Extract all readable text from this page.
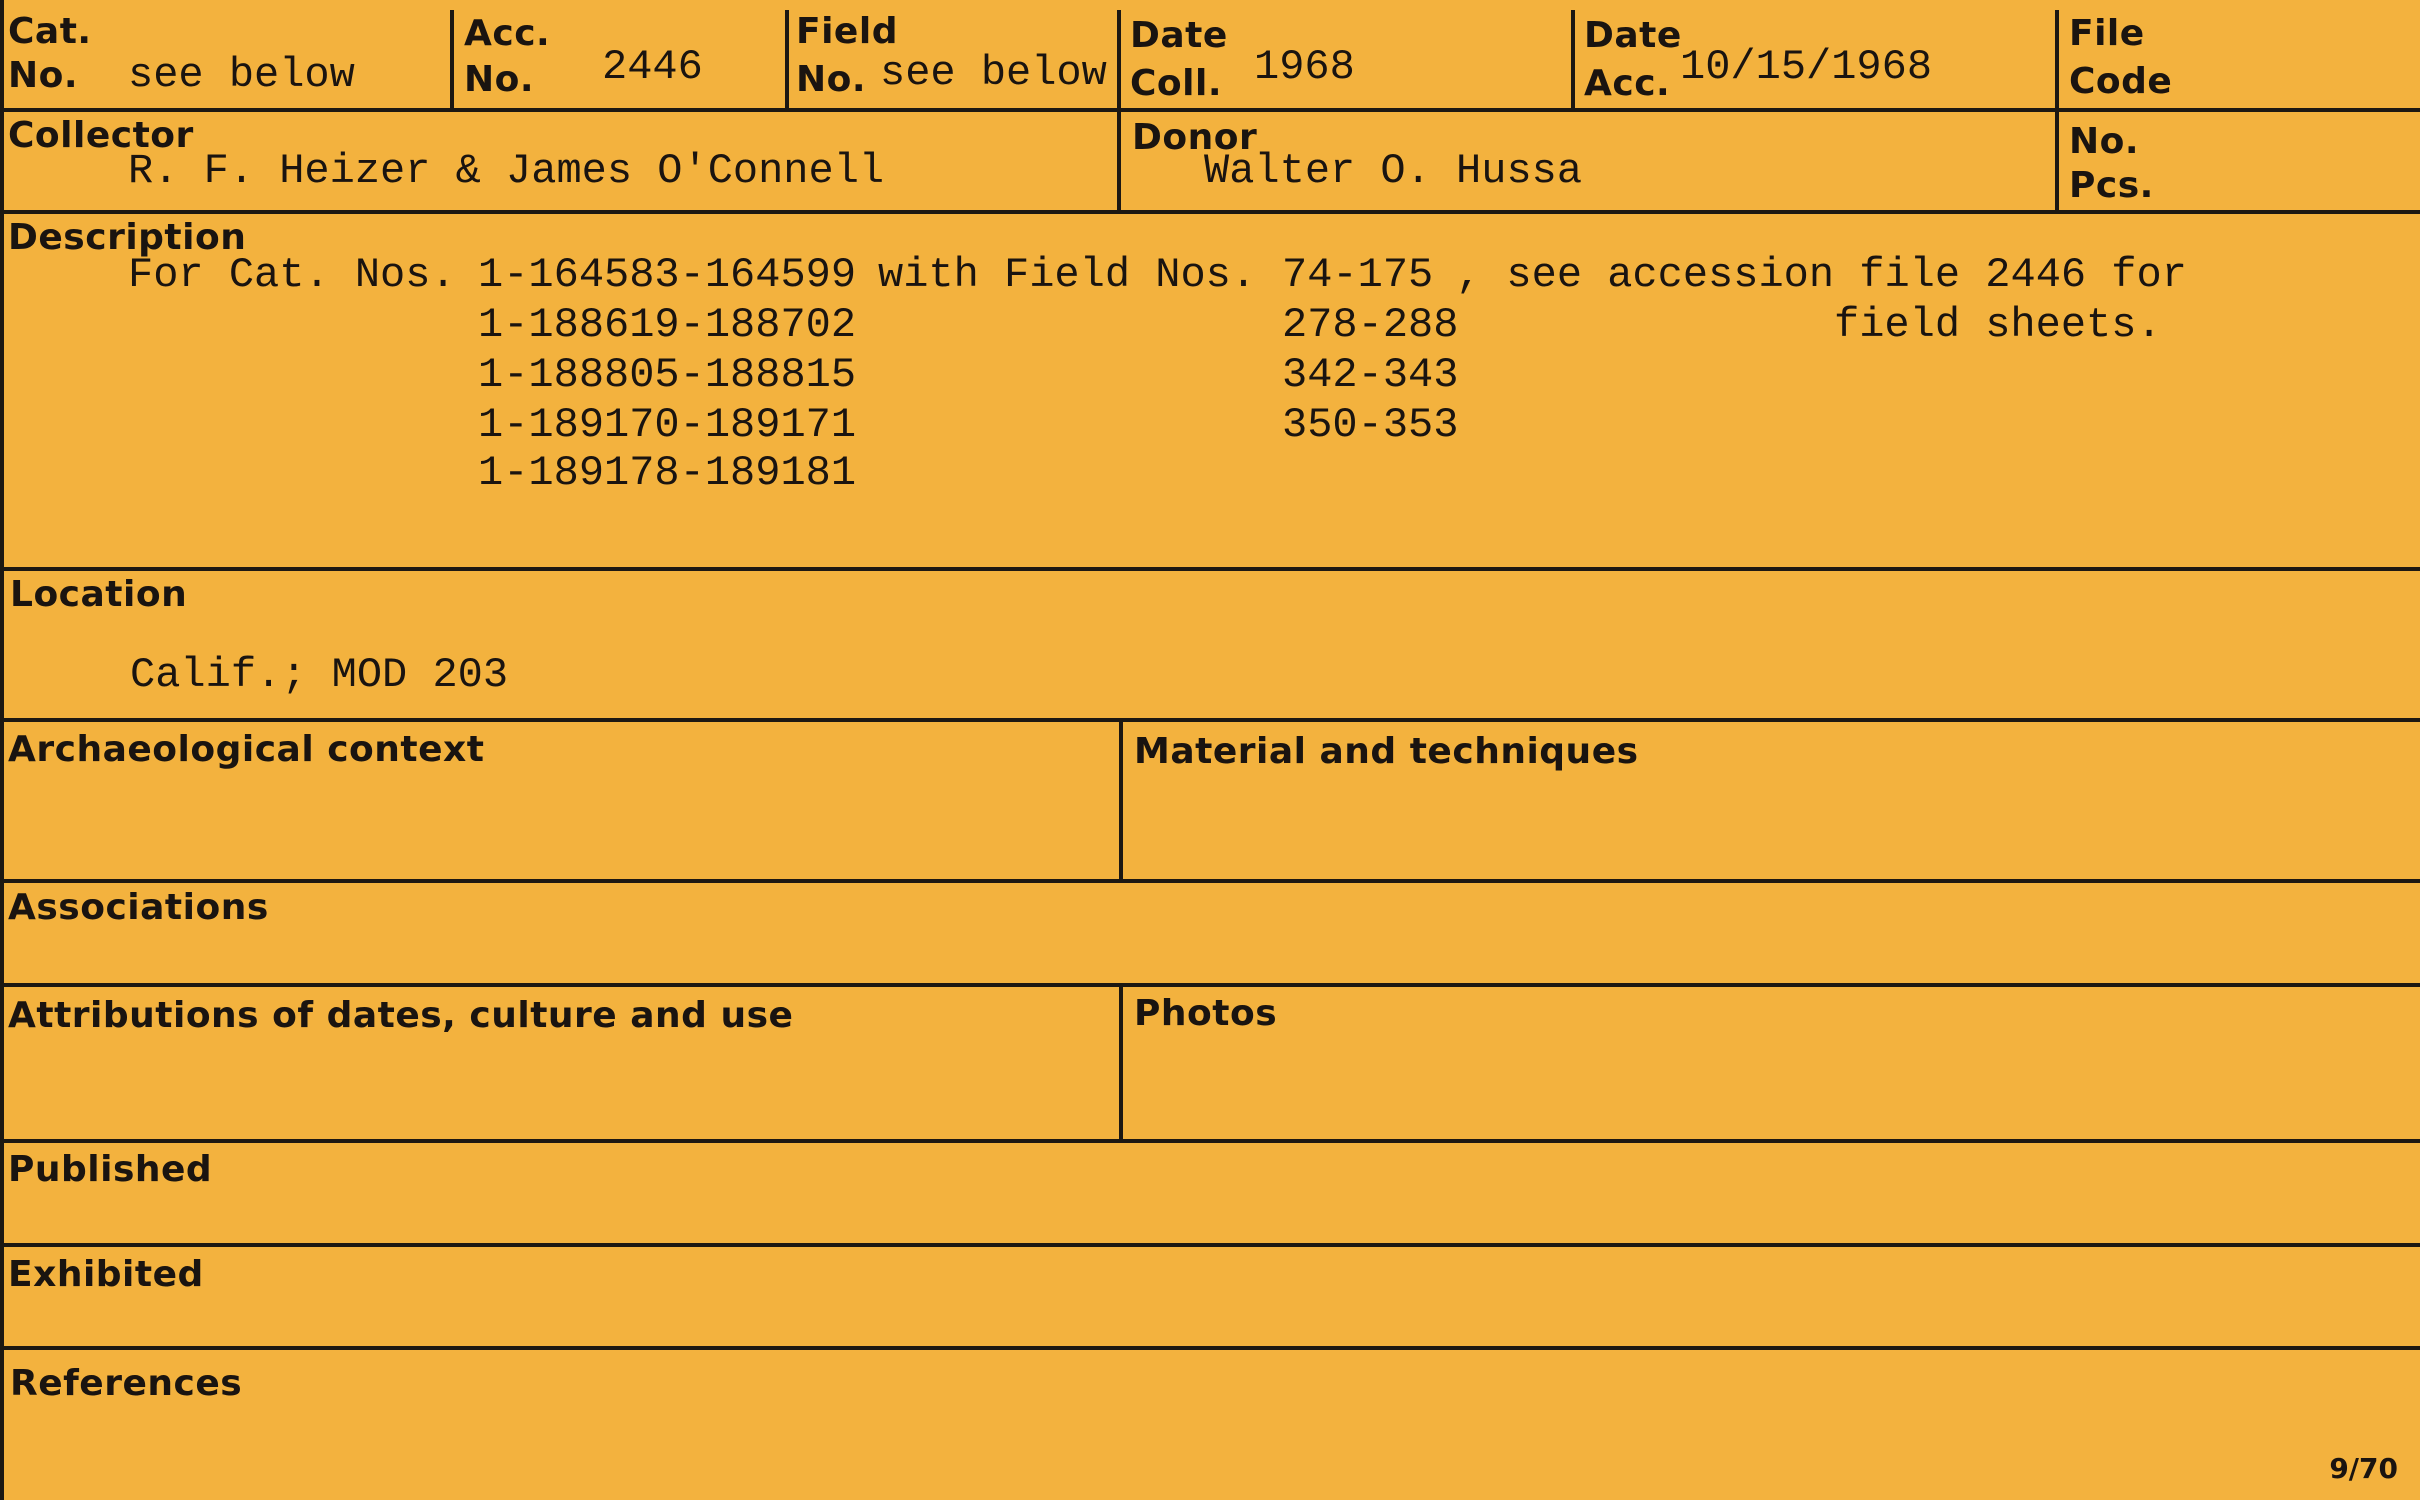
Cat.
No. see below
Acc.
No. 2446
Field
No. see below
Date
Coll. 1968
Date
Acc. 10/15/1968
File
Code
Collector
R. F. Heizer & James O'Connell
Donor
Walter O. Hussa
No.
Pcs.
Description
For Cat. Nos. 1-164583-164599
1-188619-188702
1-188805-188815
1-189170-189171
1-189178-189181
with Field Nos. 74-175
278-288
342-343
350-353
, see accession file 2446 for
field sheets.
Location
Calif.; MOD 203
Archaeological context	Material and techniques
Associations
Attributions of dates, culture and use	Photos
Published
Exhibited
References
9/70
